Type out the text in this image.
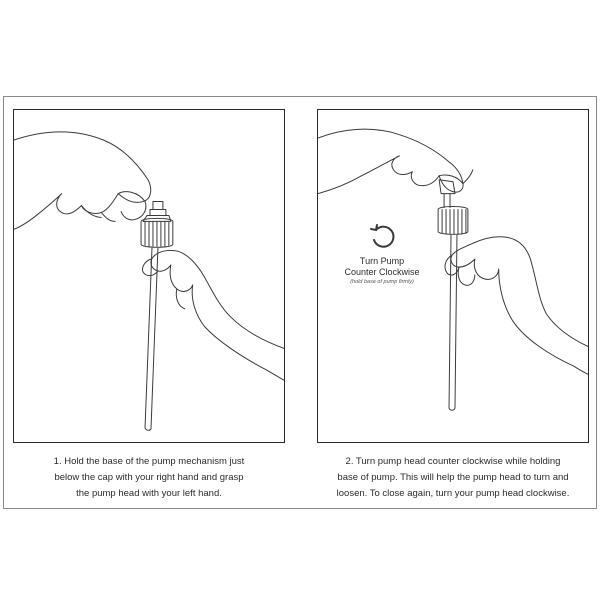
Turn Pump
Counter Clockwise
(hold base of pump firmly)
1. Hold the base of the pump mechanism just
below the cap with your right hand and grasp
the pump head with your left hand.
2. Turn pump head counter clockwise while holding
base of pump. This will help the pump head to turn and
loosen. To close again, turn your pump head clockwise.
